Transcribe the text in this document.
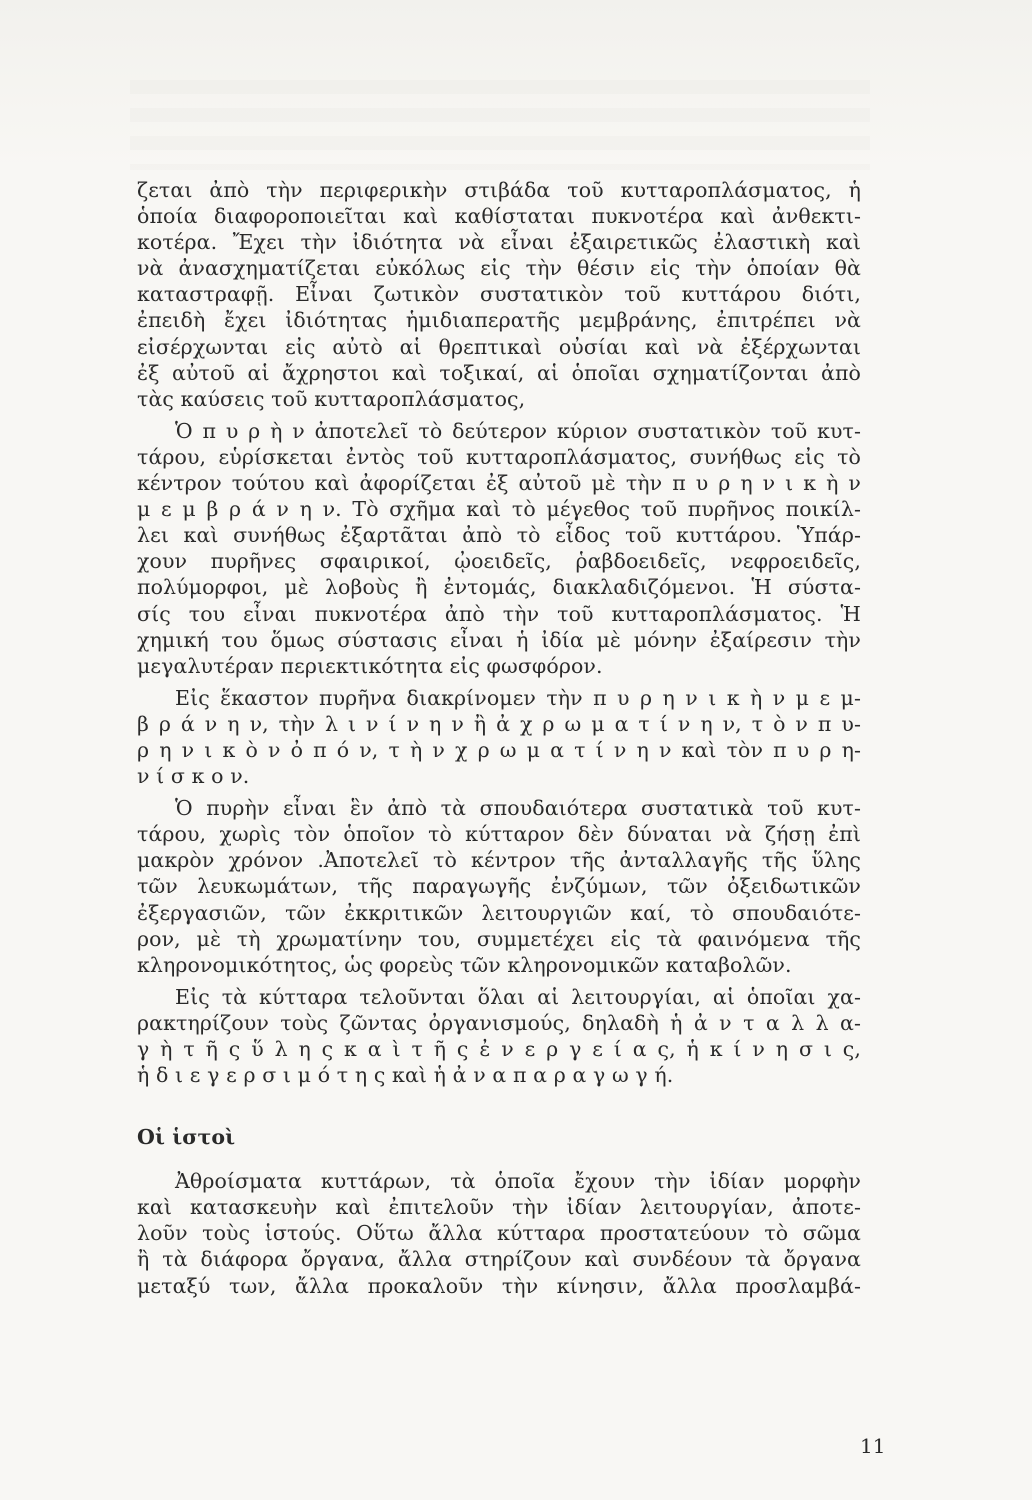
ζεται ἀπὸ τὴν περιφερικὴν στιβάδα τοῦ κυτταροπλάσματος, ἡ
ὁποία διαφοροποιεῖται καὶ καθίσταται πυκνοτέρα καὶ ἀνθεκτι-
κοτέρα. Ἔχει τὴν ἰδιότητα νὰ εἶναι ἐξαιρετικῶς ἐλαστικὴ καὶ
νὰ ἀνασχηματίζεται εὐκόλως εἰς τὴν θέσιν εἰς τὴν ὁποίαν θὰ
καταστραφῇ. Εἶναι ζωτικὸν συστατικὸν τοῦ κυττάρου διότι,
ἐπειδὴ ἔχει ἰδιότητας ἡμιδιαπερατῆς μεμβράνης, ἐπιτρέπει νὰ
εἰσέρχωνται εἰς αὐτὸ αἱ θρεπτικαὶ οὐσίαι καὶ νὰ ἐξέρχωνται
ἐξ αὐτοῦ αἱ ἄχρηστοι καὶ τοξικαί, αἱ ὁποῖαι σχηματίζονται ἀπὸ
τὰς καύσεις τοῦ κυτταροπλάσματος,
Ὁ π υ ρ ὴ ν ἀποτελεῖ τὸ δεύτερον κύριον συστατικὸν τοῦ κυτ-
τάρου, εὑρίσκεται ἐντὸς τοῦ κυτταροπλάσματος, συνήθως εἰς τὸ
κέντρον τούτου καὶ ἀφορίζεται ἐξ αὐτοῦ μὲ τὴν π υ ρ η ν ι κ ὴ ν
μ ε μ β ρ ά ν η ν. Τὸ σχῆμα καὶ τὸ μέγεθος τοῦ πυρῆνος ποικίλ-
λει καὶ συνήθως ἐξαρτᾶται ἀπὸ τὸ εἶδος τοῦ κυττάρου. Ὑπάρ-
χουν πυρῆνες σφαιρικοί, ᾠοειδεῖς, ῥαβδοειδεῖς, νεφροειδεῖς,
πολύμορφοι, μὲ λοβοὺς ἢ ἐντομάς, διακλαδιζόμενοι. Ἡ σύστα-
σίς του εἶναι πυκνοτέρα ἀπὸ τὴν τοῦ κυτταροπλάσματος. Ἡ
χημική του ὅμως σύστασις εἶναι ἡ ἰδία μὲ μόνην ἐξαίρεσιν τὴν
μεγαλυτέραν περιεκτικότητα εἰς φωσφόρον.
Εἰς ἕκαστον πυρῆνα διακρίνομεν τὴν π υ ρ η ν ι κ ὴ ν μ ε μ-
β ρ ά ν η ν, τὴν λ ι ν ί ν η ν ἢ ἀ χ ρ ω μ α τ ί ν η ν, τ ὸ ν π υ-
ρ η ν ι κ ὸ ν ὀ π ό ν, τ ὴ ν χ ρ ω μ α τ ί ν η ν καὶ τὸν π υ ρ η-
ν ί σ κ ο ν.
Ὁ πυρὴν εἶναι ἓν ἀπὸ τὰ σπουδαιότερα συστατικὰ τοῦ κυτ-
τάρου, χωρὶς τὸν ὁποῖον τὸ κύτταρον δὲν δύναται νὰ ζήσῃ ἐπὶ
μακρὸν χρόνον .Ἀποτελεῖ τὸ κέντρον τῆς ἀνταλλαγῆς τῆς ὕλης
τῶν λευκωμάτων, τῆς παραγωγῆς ἐνζύμων, τῶν ὀξειδωτικῶν
ἐξεργασιῶν, τῶν ἐκκριτικῶν λειτουργιῶν καί, τὸ σπουδαιότε-
ρον, μὲ τὴ χρωματίνην του, συμμετέχει εἰς τὰ φαινόμενα τῆς
κληρονομικότητος, ὡς φορεὺς τῶν κληρονομικῶν καταβολῶν.
Εἰς τὰ κύτταρα τελοῦνται ὅλαι αἱ λειτουργίαι, αἱ ὁποῖαι χα-
ρακτηρίζουν τοὺς ζῶντας ὀργανισμούς, δηλαδὴ ἡ ἀ ν τ α λ λ α-
γ ὴ τ ῆ ς ὕ λ η ς κ α ὶ τ ῆ ς ἐ ν ε ρ γ ε ί α ς, ἡ κ ί ν η σ ι ς,
ἡ δ ι ε γ ε ρ σ ι μ ό τ η ς καὶ ἡ ἀ ν α π α ρ α γ ω γ ή.
Οἱ ἱστοὶ
Ἀθροίσματα κυττάρων, τὰ ὁποῖα ἔχουν τὴν ἰδίαν μορφὴν
καὶ κατασκευὴν καὶ ἐπιτελοῦν τὴν ἰδίαν λειτουργίαν, ἀποτε-
λοῦν τοὺς ἱστούς. Οὕτω ἄλλα κύτταρα προστατεύουν τὸ σῶμα
ἢ τὰ διάφορα ὄργανα, ἄλλα στηρίζουν καὶ συνδέουν τὰ ὄργανα
μεταξύ των, ἄλλα προκαλοῦν τὴν κίνησιν, ἄλλα προσλαμβά-
11
